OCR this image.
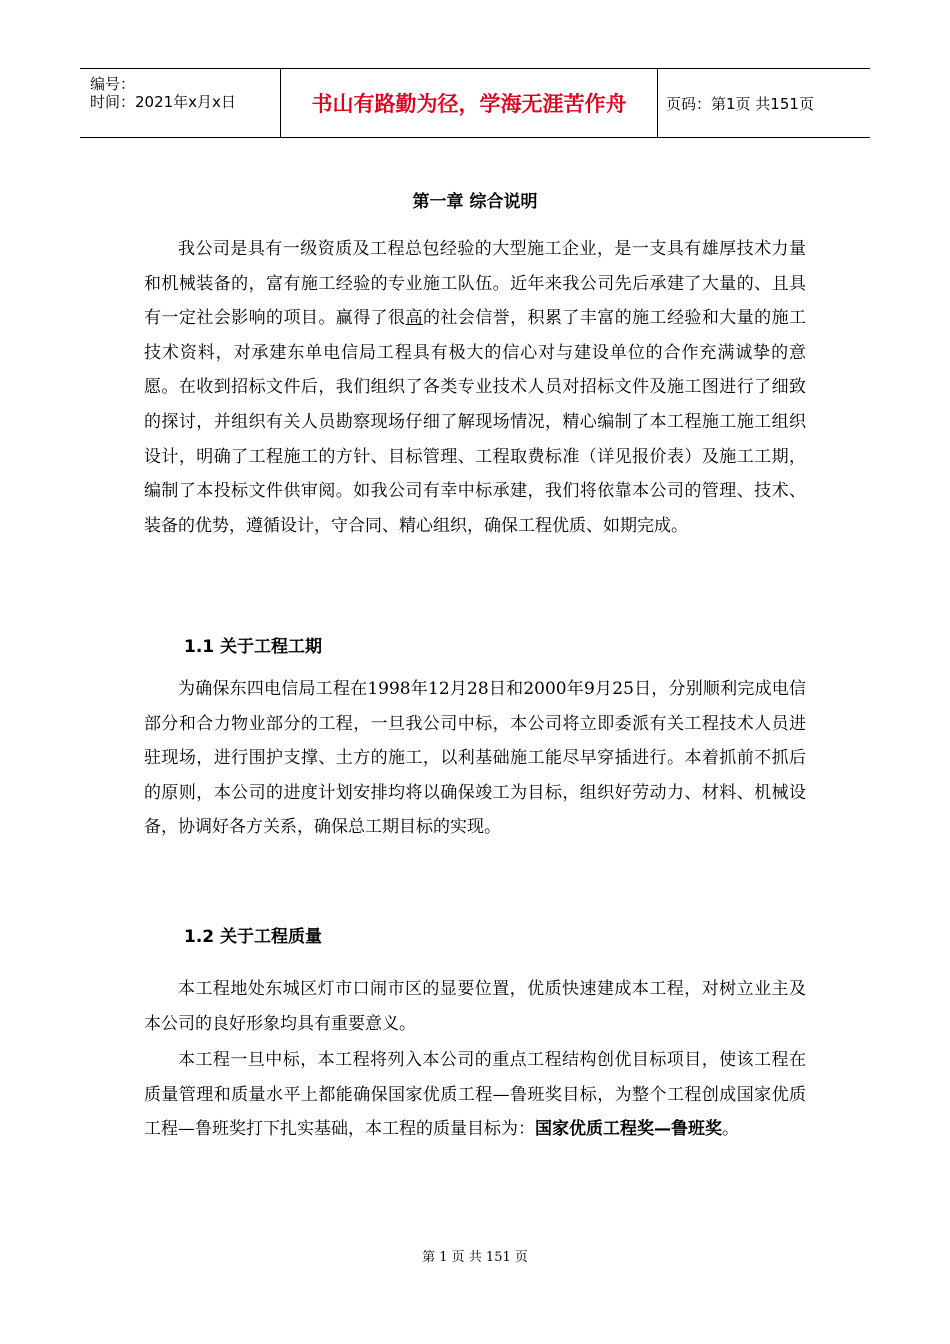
编号：
时间：2021年x月x日	书山有路勤为径，学海无涯苦作舟	页码：第1页 共151页
第一章 综合说明

我公司是具有一级资质及工程总包经验的大型施工企业，是一支具有雄厚技术力量和机械装备的，富有施工经验的专业施工队伍。近年来我公司先后承建了大量的、且具有一定社会影响的项目。赢得了很高的社会信誉，积累了丰富的施工经验和大量的施工技术资料，对承建东单电信局工程具有极大的信心对与建设单位的合作充满诚挚的意愿。在收到招标文件后，我们组织了各类专业技术人员对招标文件及施工图进行了细致的探讨，并组织有关人员勘察现场仔细了解现场情况，精心编制了本工程施工施工组织设计，明确了工程施工的方针、目标管理、工程取费标准（详见报价表）及施工工期，编制了本投标文件供审阅。如我公司有幸中标承建，我们将依靠本公司的管理、技术、装备的优势，遵循设计，守合同、精心组织，确保工程优质、如期完成。

1.1 关于工程工期

为确保东四电信局工程在1998年12月28日和2000年9月25日，分别顺利完成电信部分和合力物业部分的工程，一旦我公司中标，本公司将立即委派有关工程技术人员进驻现场，进行围护支撑、土方的施工，以利基础施工能尽早穿插进行。本着抓前不抓后的原则，本公司的进度计划安排均将以确保竣工为目标，组织好劳动力、材料、机械设备，协调好各方关系，确保总工期目标的实现。

1.2 关于工程质量

本工程地处东城区灯市口闹市区的显要位置，优质快速建成本工程，对树立业主及本公司的良好形象均具有重要意义。

本工程一旦中标，本工程将列入本公司的重点工程结构创优目标项目，使该工程在质量管理和质量水平上都能确保国家优质工程—鲁班奖目标，为整个工程创成国家优质工程—鲁班奖打下扎实基础，本工程的质量目标为：国家优质工程奖—鲁班奖。

第 1 页 共 151 页
